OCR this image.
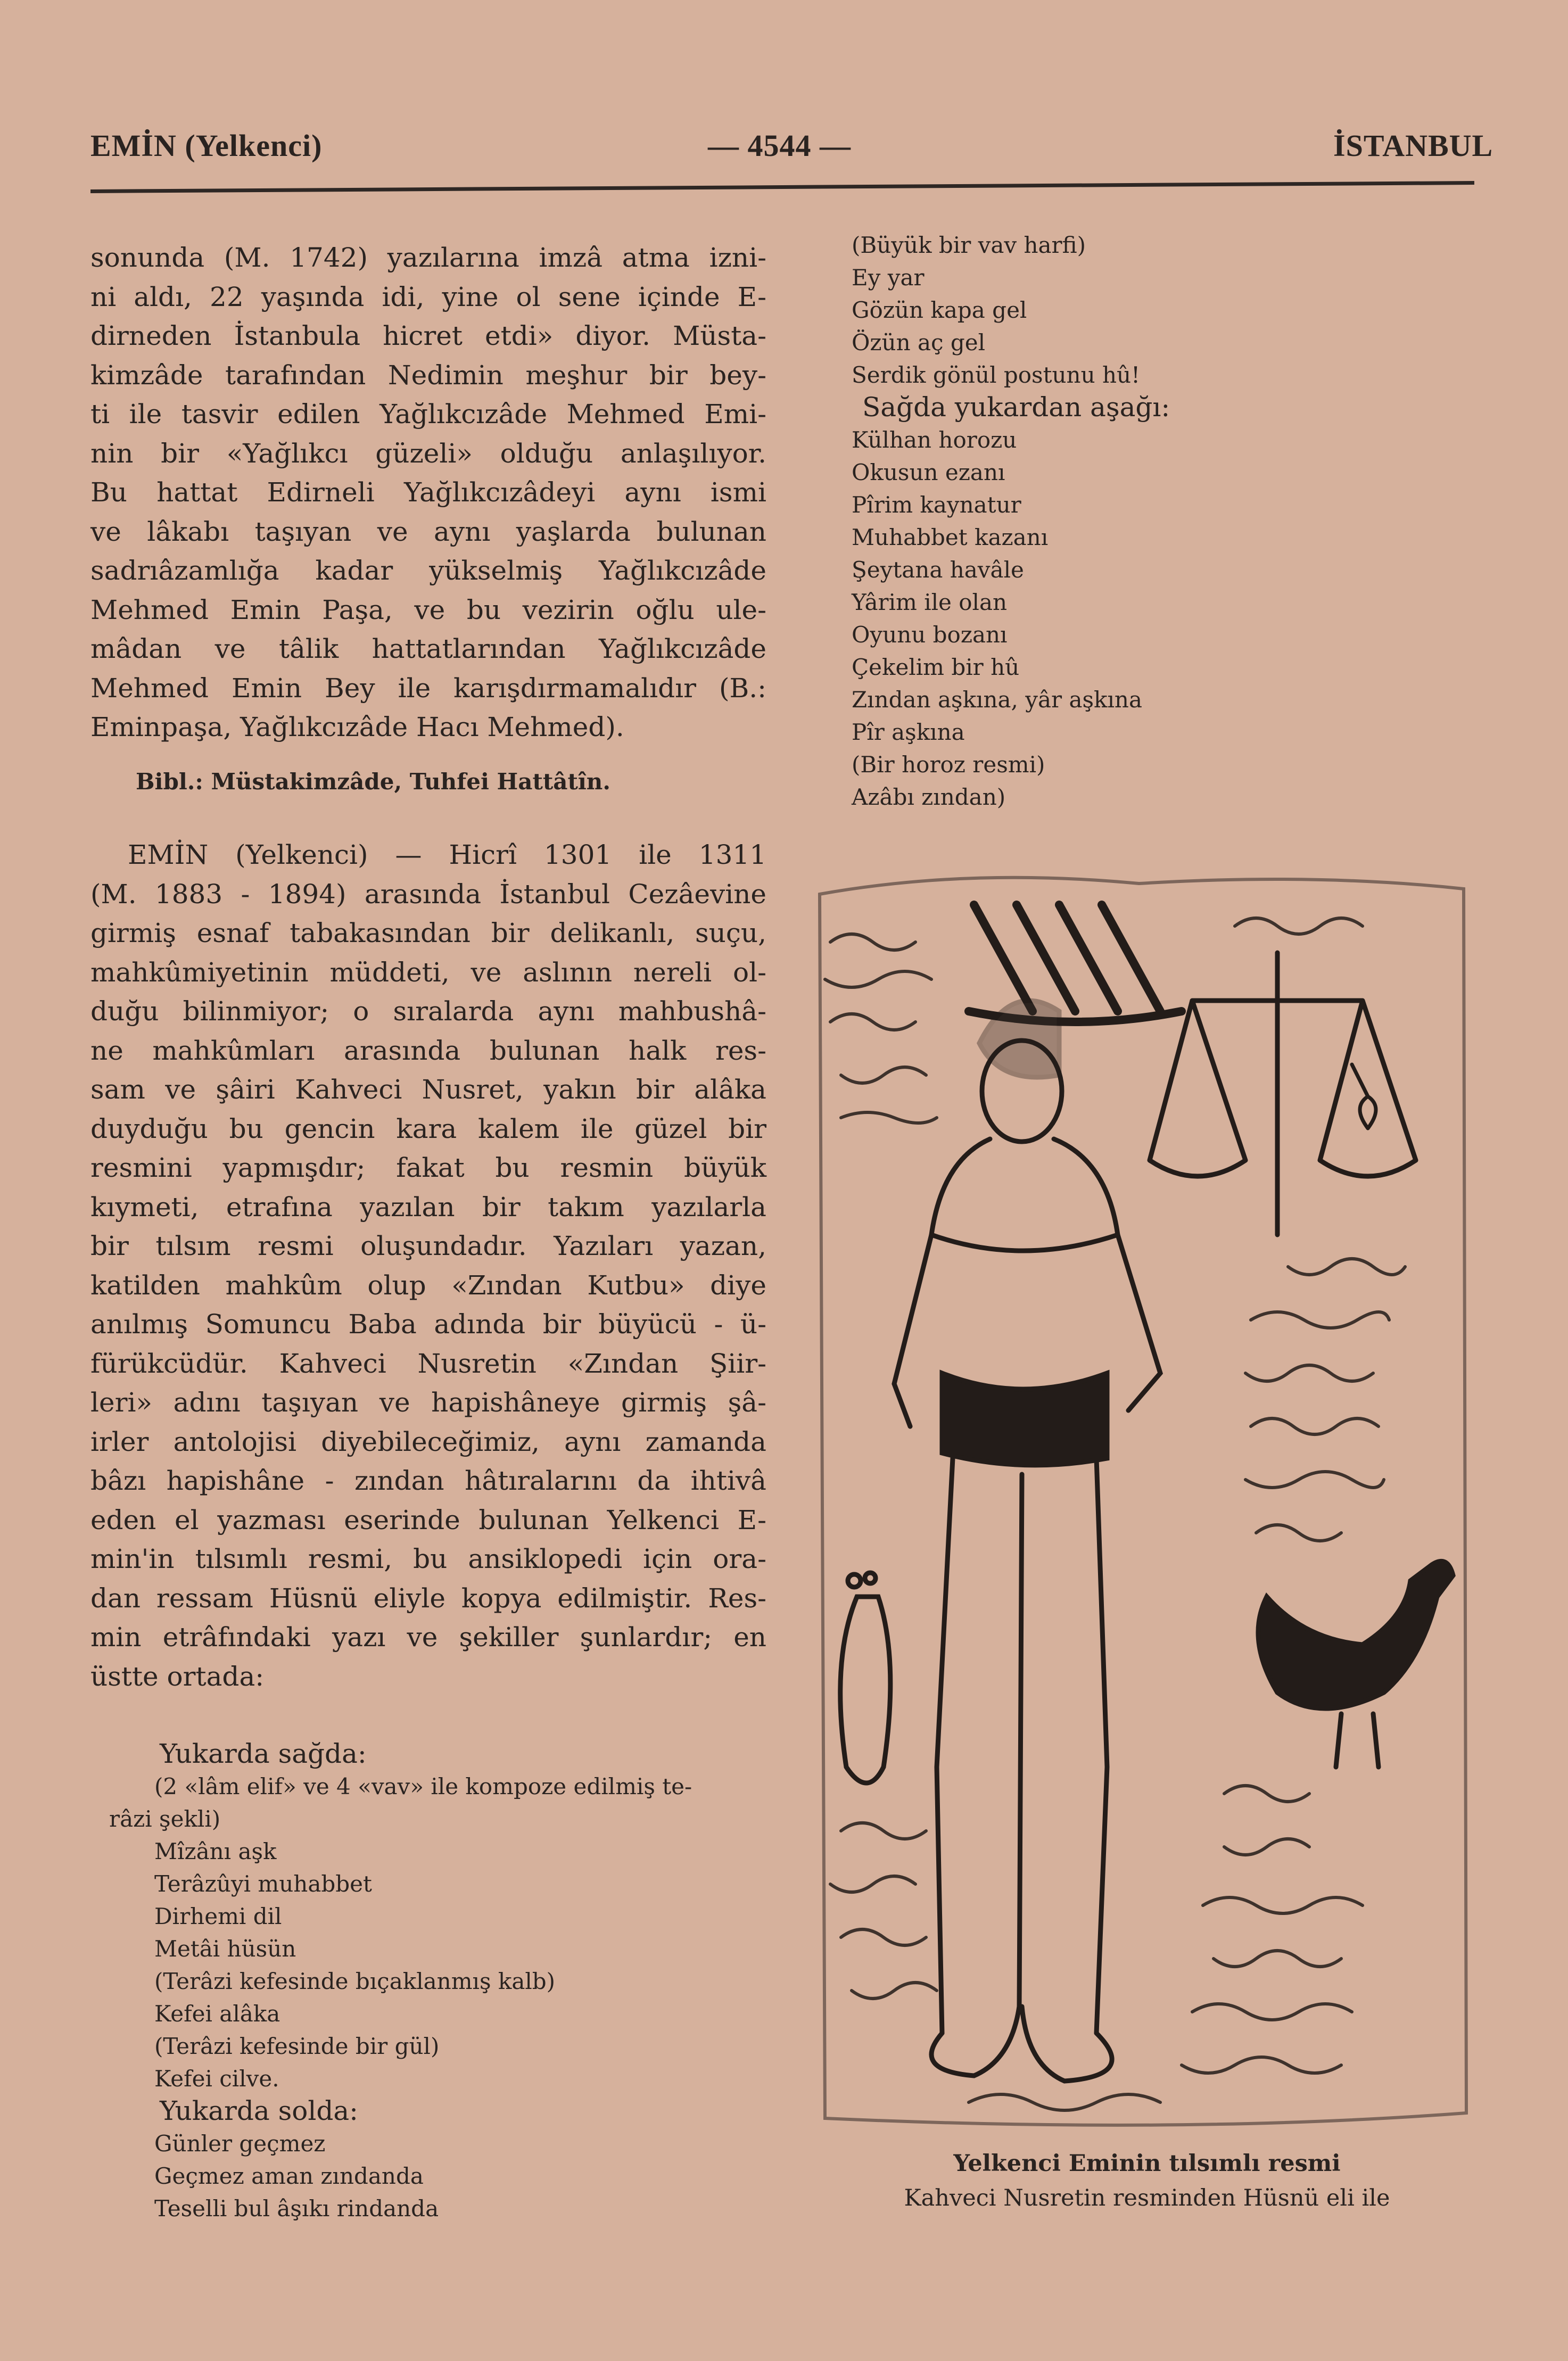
EMİN (Yelkenci)	— 4544 —	İSTANBUL
sonunda (M. 1742) yazılarına imzâ atma izni-
ni aldı, 22 yaşında idi, yine ol sene içinde E-
dirneden İstanbula hicret etdi» diyor. Müsta-
kimzâde tarafından Nedimin meşhur bir bey-
ti ile tasvir edilen Yağlıkcızâde Mehmed Emi-
nin bir «Yağlıkcı güzeli» olduğu anlaşılıyor.
Bu hattat Edirneli Yağlıkcızâdeyi aynı ismi
ve lâkabı taşıyan ve aynı yaşlarda bulunan
sadrıâzamlığa kadar yükselmiş Yağlıkcızâde
Mehmed Emin Paşa, ve bu vezirin oğlu ule-
mâdan ve tâlik hattatlarından Yağlıkcızâde
Mehmed Emin Bey ile karışdırmamalıdır (B.:
Eminpaşa, Yağlıkcızâde Hacı Mehmed).
Bibl.: Müstakimzâde, Tuhfei Hattâtîn.
EMİN (Yelkenci) — Hicrî 1301 ile 1311
(M. 1883 - 1894) arasında İstanbul Cezâevine
girmiş esnaf tabakasından bir delikanlı, suçu,
mahkûmiyetinin müddeti, ve aslının nereli ol-
duğu bilinmiyor; o sıralarda aynı mahbushâ-
ne mahkûmları arasında bulunan halk res-
sam ve şâiri Kahveci Nusret, yakın bir alâka
duyduğu bu gencin kara kalem ile güzel bir
resmini yapmışdır; fakat bu resmin büyük
kıymeti, etrafına yazılan bir takım yazılarla
bir tılsım resmi oluşundadır. Yazıları yazan,
katilden mahkûm olup «Zından Kutbu» diye
anılmış Somuncu Baba adında bir büyücü - ü-
fürükcüdür. Kahveci Nusretin «Zından Şiir-
leri» adını taşıyan ve hapishâneye girmiş şâ-
irler antolojisi diyebileceğimiz, aynı zamanda
bâzı hapishâne - zından hâtıralarını da ihtivâ
eden el yazması eserinde bulunan Yelkenci E-
min'in tılsımlı resmi, bu ansiklopedi için ora-
dan ressam Hüsnü eliyle kopya edilmiştir. Res-
min etrâfındaki yazı ve şekiller şunlardır; en
üstte ortada:
Yukarda sağda:
(2 «lâm elif» ve 4 «vav» ile kompoze edilmiş te-
râzi şekli)
Mîzânı aşk
Terâzûyi muhabbet
Dirhemi dil
Metâi hüsün
(Terâzi kefesinde bıçaklanmış kalb)
Kefei alâka
(Terâzi kefesinde bir gül)
Kefei cilve.
Yukarda solda:
Günler geçmez
Geçmez aman zındanda
Teselli bul âşıkı rindanda
(Büyük bir vav harfi)
Ey yar
Gözün kapa gel
Özün aç gel
Serdik gönül postunu hû!
Sağda yukardan aşağı:
Külhan horozu
Okusun ezanı
Pîrim kaynatur
Muhabbet kazanı
Şeytana havâle
Yârim ile olan
Oyunu bozanı
Çekelim bir hû
Zından aşkına, yâr aşkına
Pîr aşkına
(Bir horoz resmi)
Azâbı zından)
Yelkenci Eminin tılsımlı resmi
Kahveci Nusretin resminden Hüsnü eli ile
